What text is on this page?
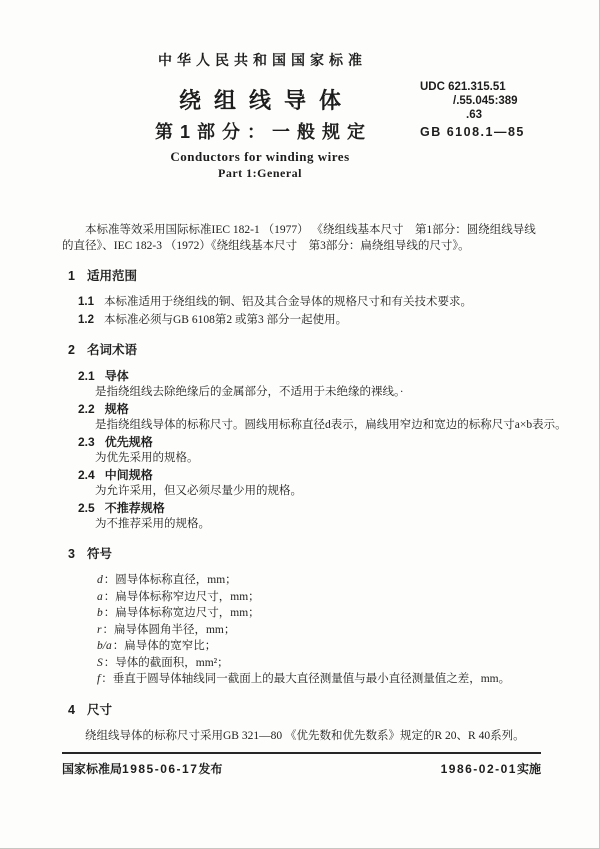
中华人民共和国国家标准
绕组线导体
第1部分：一般规定
Conductors for winding wires
Part 1:General
UDC 621.315.51
/.55.045:389
.63
GB 6108.1—85

本标准等效采用国际标准IEC 182-1 （1977） 《绕组线基本尺寸　第1部分：圆绕组线导线的直径》、IEC 182-3 （1972）《绕组线基本尺寸　第3部分：扁绕组导线的尺寸》。

1 适用范围
1.1 本标准适用于绕组线的铜、铝及其合金导体的规格尺寸和有关技术要求。
1.2 本标准必须与GB 6108第2 或第3 部分一起使用。
2 名词术语
2.1 导体
是指绕组线去除绝缘后的金属部分，不适用于未绝缘的裸线。·
2.2 规格
是指绕组线导体的标称尺寸。圆线用标称直径d表示，扁线用窄边和宽边的标称尺寸a×b表示。
2.3 优先规格
为优先采用的规格。
2.4 中间规格
为允许采用，但又必须尽量少用的规格。
2.5 不推荐规格
为不推荐采用的规格。
3 符号
d：圆导体标称直径，mm；
a：扁导体标称窄边尺寸，mm；
b：扁导体标称宽边尺寸，mm；
r：扁导体圆角半径，mm；
b/a：扁导体的宽窄比；
S：导体的截面积，mm²；
f：垂直于圆导体轴线同一截面上的最大直径测量值与最小直径测量值之差，mm。
4 尺寸

绕组线导体的标称尺寸采用GB 321—80 《优先数和优先数系》规定的R 20、R 40系列。

国家标准局1985-06-17发布	1986-02-01实施
